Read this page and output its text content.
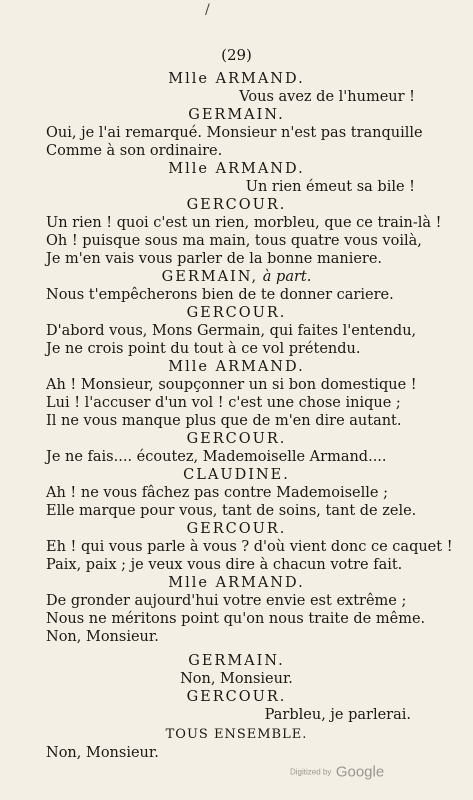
/
(29)
Mlle ARMAND.
Vous avez de l'humeur !
GERMAIN.
Oui, je l'ai remarqué. Monsieur n'est pas tranquille
Comme à son ordinaire.
Mlle ARMAND.
Un rien émeut sa bile !
GERCOUR.
Un rien ! quoi c'est un rien, morbleu, que ce train-là !
Oh ! puisque sous ma main, tous quatre vous voilà,
Je m'en vais vous parler de la bonne maniere.
GERMAIN, à part.
Nous t'empêcherons bien de te donner cariere.
GERCOUR.
D'abord vous, Mons Germain, qui faites l'entendu,
Je ne crois point du tout à ce vol prétendu.
Mlle ARMAND.
Ah ! Monsieur, soupçonner un si bon domestique !
Lui ! l'accuser d'un vol ! c'est une chose inique ;
Il ne vous manque plus que de m'en dire autant.
GERCOUR.
Je ne fais.... écoutez, Mademoiselle Armand....
CLAUDINE.
Ah ! ne vous fâchez pas contre Mademoiselle ;
Elle marque pour vous, tant de soins, tant de zele.
GERCOUR.
Eh ! qui vous parle à vous ? d'où vient donc ce caquet !
Paix, paix ; je veux vous dire à chacun votre fait.
Mlle ARMAND.
De gronder aujourd'hui votre envie est extrême ;
Nous ne méritons point qu'on nous traite de même.
Non, Monsieur.
GERMAIN.
Non, Monsieur.
GERCOUR.
Parbleu, je parlerai.
TOUS ENSEMBLE.
Non, Monsieur.
Digitized by Google
